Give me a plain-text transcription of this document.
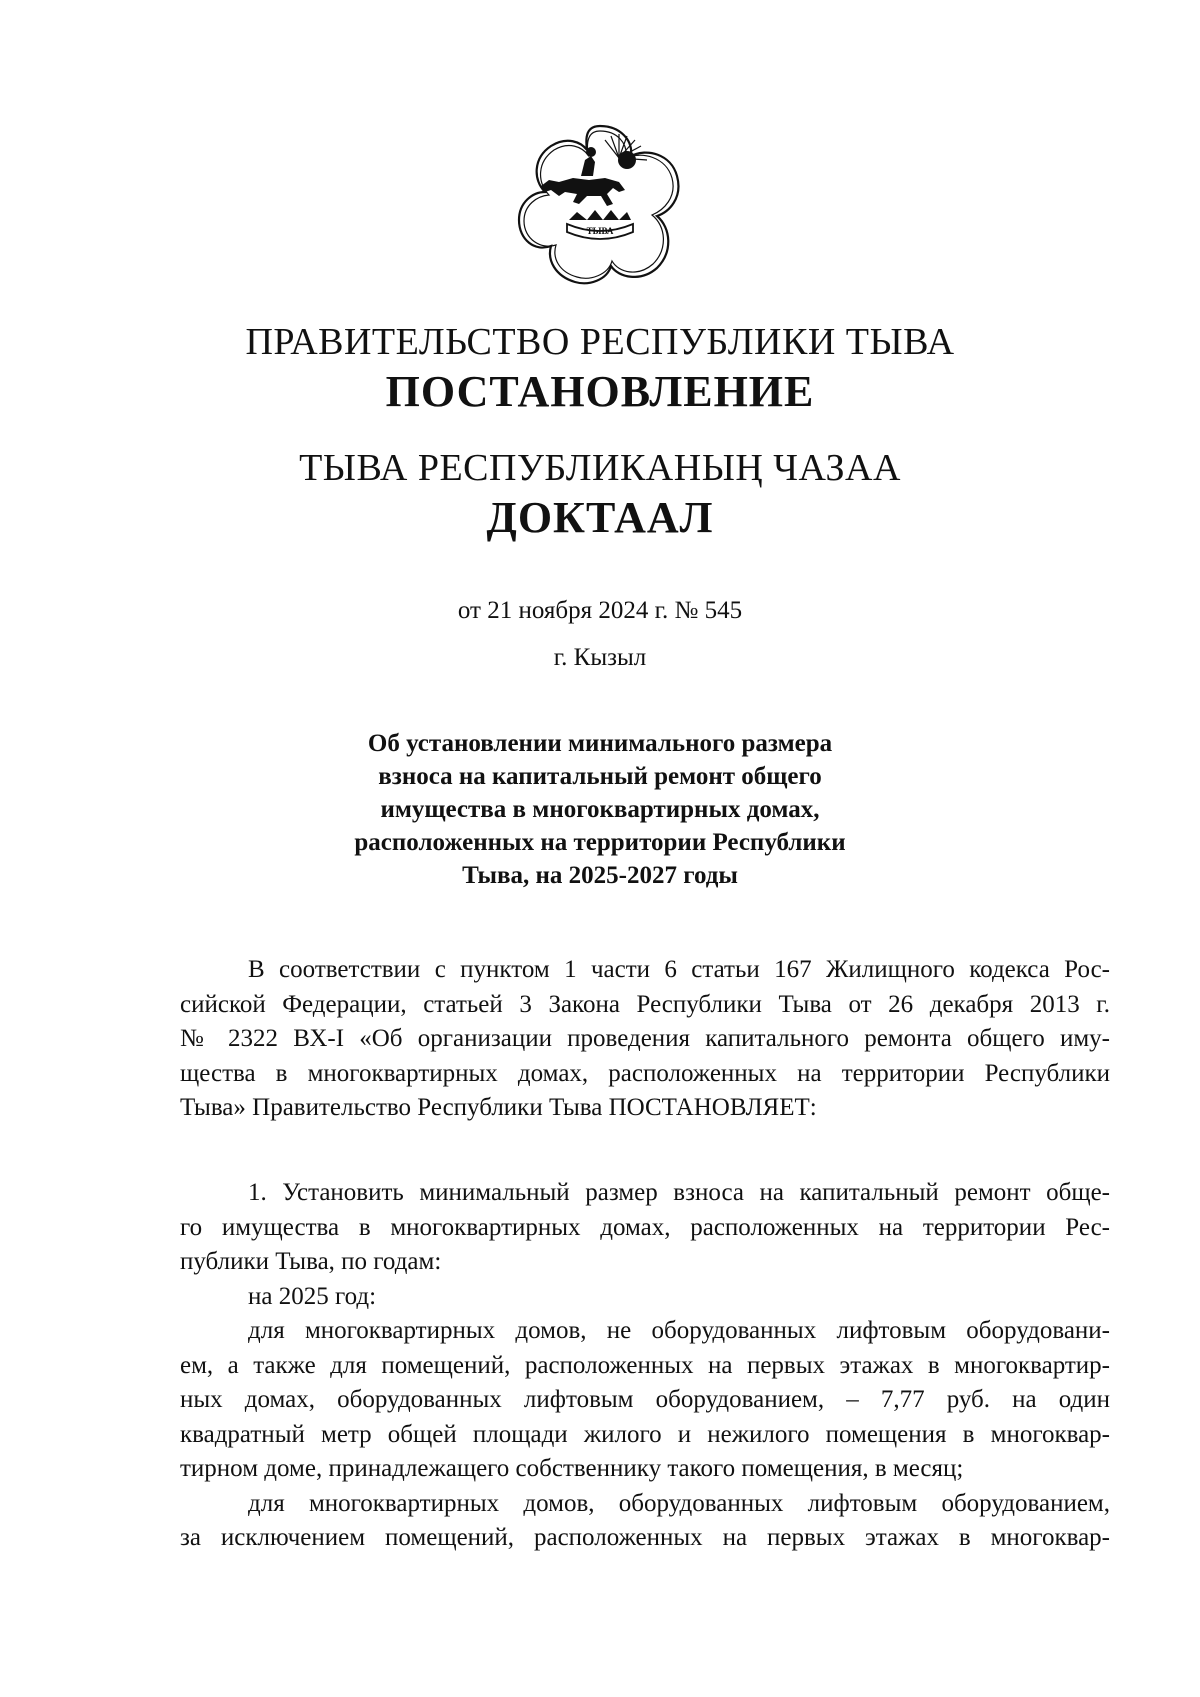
ТЫВА
ПРАВИТЕЛЬСТВО РЕСПУБЛИКИ ТЫВА
ПОСТАНОВЛЕНИЕ
ТЫВА РЕСПУБЛИКАНЫҢ ЧАЗАА
ДОКТААЛ
от 21 ноября 2024 г. № 545
г. Кызыл
Об установлении минимального размера
взноса на капитальный ремонт общего
имущества в многоквартирных домах,
расположенных на территории Республики
Тыва, на 2025-2027 годы
В соответствии с пунктом 1 части 6 статьи 167 Жилищного кодекса Рос-
сийской Федерации, статьей 3 Закона Республики Тыва от 26 декабря 2013 г.
№ 2322 ВХ-I «Об организации проведения капитального ремонта общего иму-
щества в многоквартирных домах, расположенных на территории Республики
Тыва» Правительство Республики Тыва ПОСТАНОВЛЯЕТ:
1. Установить минимальный размер взноса на капитальный ремонт обще-
го имущества в многоквартирных домах, расположенных на территории Рес-
публики Тыва, по годам:
на 2025 год:
для многоквартирных домов, не оборудованных лифтовым оборудовани-
ем, а также для помещений, расположенных на первых этажах в многоквартир-
ных домах, оборудованных лифтовым оборудованием, – 7,77 руб. на один
квадратный метр общей площади жилого и нежилого помещения в многоквар-
тирном доме, принадлежащего собственнику такого помещения, в месяц;
для многоквартирных домов, оборудованных лифтовым оборудованием,
за исключением помещений, расположенных на первых этажах в многоквар-
